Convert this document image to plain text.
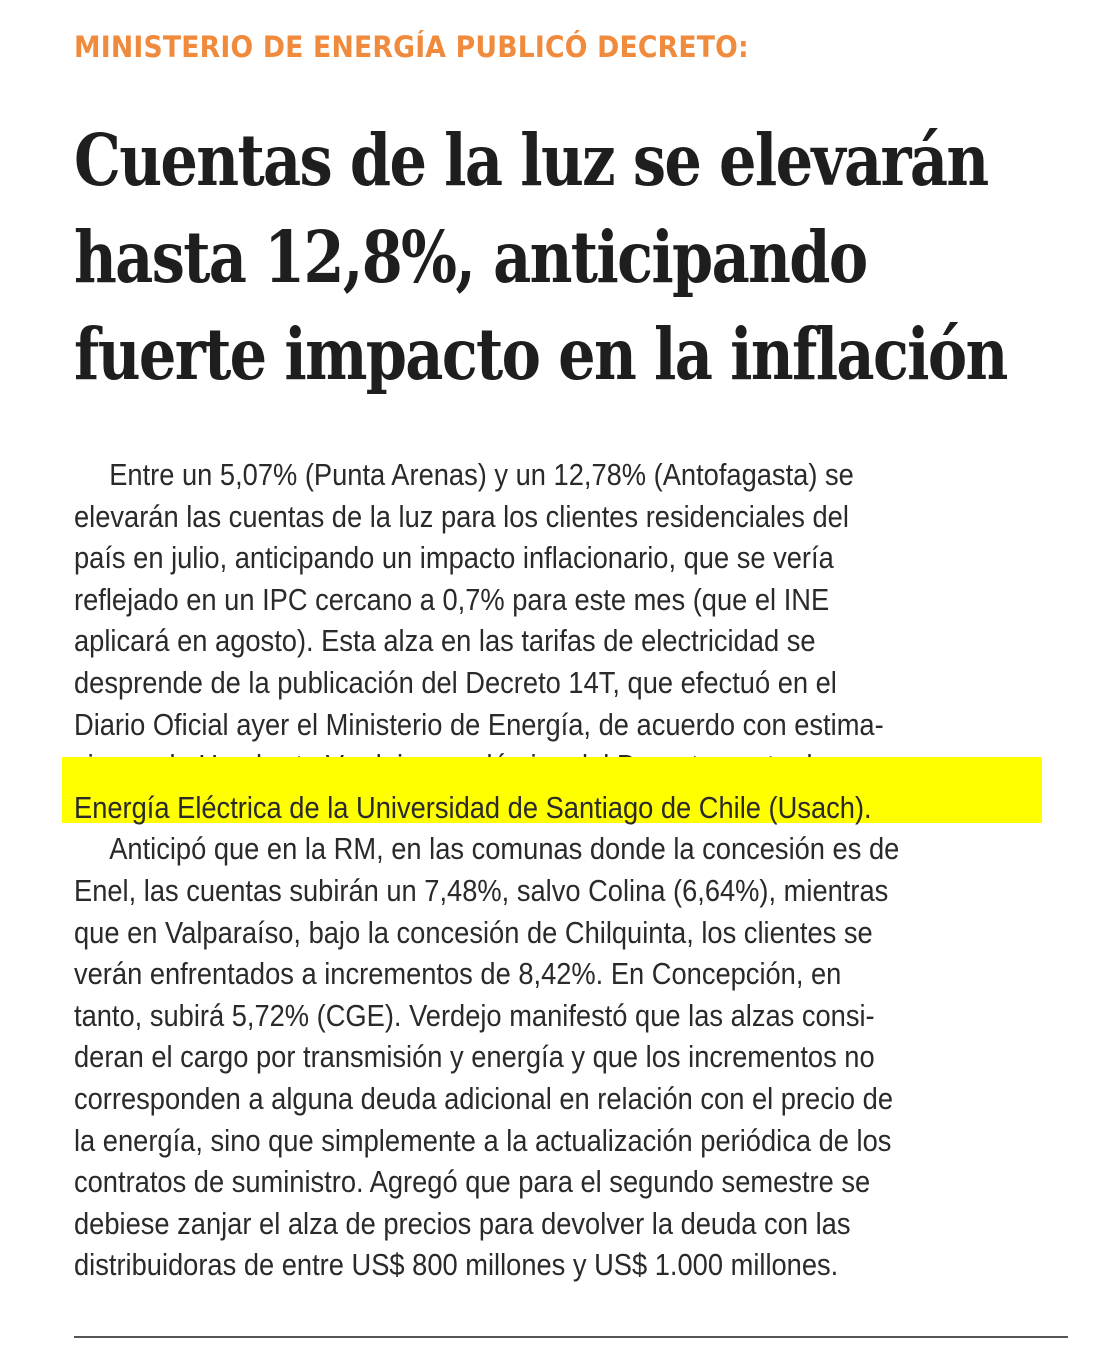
MINISTERIO DE ENERGÍA PUBLICÓ DECRETO:
Cuentas de la luz se elevarán
hasta 12,8%, anticipando
fuerte impacto en la inflación
Entre un 5,07% (Punta Arenas) y un 12,78% (Antofagasta) se
elevarán las cuentas de la luz para los clientes residenciales del
país en julio, anticipando un impacto inflacionario, que se vería
reflejado en un IPC cercano a 0,7% para este mes (que el INE
aplicará en agosto). Esta alza en las tarifas de electricidad se
desprende de la publicación del Decreto 14T, que efectuó en el
Diario Oficial ayer el Ministerio de Energía, de acuerdo con estima-
Energía Eléctrica de la Universidad de Santiago de Chile (Usach).
Anticipó que en la RM, en las comunas donde la concesión es de
Enel, las cuentas subirán un 7,48%, salvo Colina (6,64%), mientras
que en Valparaíso, bajo la concesión de Chilquinta, los clientes se
verán enfrentados a incrementos de 8,42%. En Concepción, en
tanto, subirá 5,72% (CGE). Verdejo manifestó que las alzas consi-
deran el cargo por transmisión y energía y que los incrementos no
corresponden a alguna deuda adicional en relación con el precio de
la energía, sino que simplemente a la actualización periódica de los
contratos de suministro. Agregó que para el segundo semestre se
debiese zanjar el alza de precios para devolver la deuda con las
distribuidoras de entre US$ 800 millones y US$ 1.000 millones.
